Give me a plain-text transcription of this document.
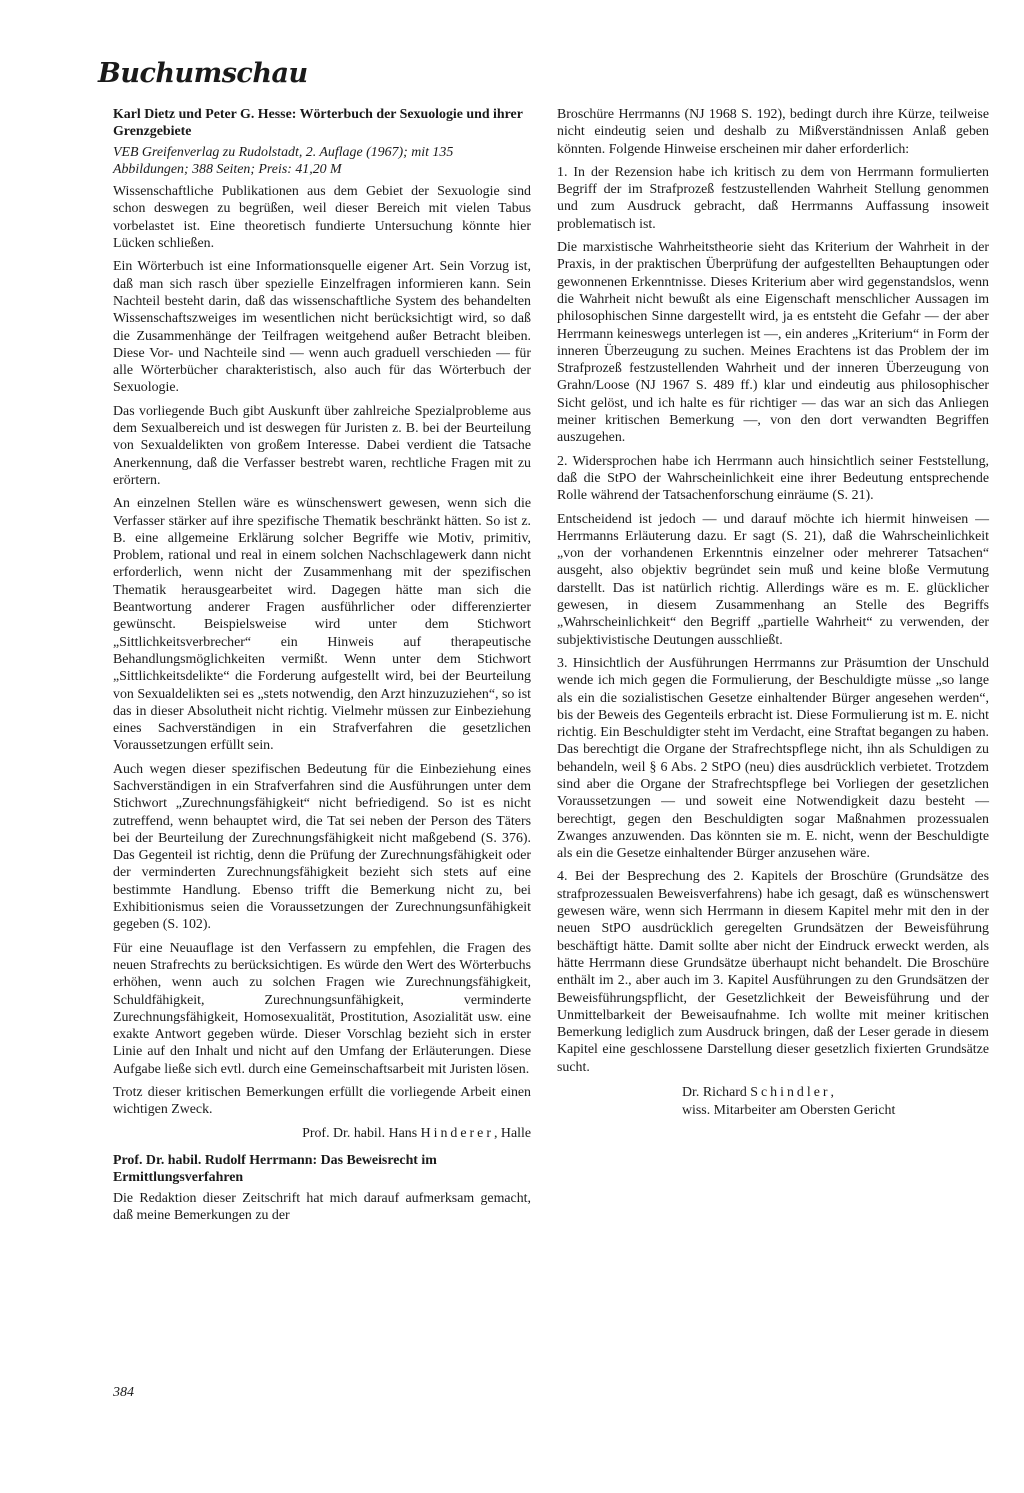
Buchumschau

Karl Dietz und Peter G. Hesse: Wörterbuch der Sexuologie und ihrer Grenzgebiete

VEB Greifenverlag zu Rudolstadt, 2. Auflage (1967); mit 135 Abbildungen; 388 Seiten; Preis: 41,20 M

Wissenschaftliche Publikationen aus dem Gebiet der Sexuologie sind schon deswegen zu begrüßen, weil dieser Bereich mit vielen Tabus vorbelastet ist. Eine theoretisch fundierte Untersuchung könnte hier Lücken schließen.

Ein Wörterbuch ist eine Informationsquelle eigener Art. Sein Vorzug ist, daß man sich rasch über spezielle Einzelfragen informieren kann. Sein Nachteil besteht darin, daß das wissenschaftliche System des behandelten Wissenschaftszweiges im wesentlichen nicht berücksichtigt wird, so daß die Zusammenhänge der Teilfragen weitgehend außer Betracht bleiben. Diese Vor- und Nachteile sind — wenn auch graduell verschieden — für alle Wörterbücher charakteristisch, also auch für das Wörterbuch der Sexuologie.

Das vorliegende Buch gibt Auskunft über zahlreiche Spezialprobleme aus dem Sexualbereich und ist deswegen für Juristen z. B. bei der Beurteilung von Sexualdelikten von großem Interesse. Dabei verdient die Tatsache Anerkennung, daß die Verfasser bestrebt waren, rechtliche Fragen mit zu erörtern.

An einzelnen Stellen wäre es wünschenswert gewesen, wenn sich die Verfasser stärker auf ihre spezifische Thematik beschränkt hätten. So ist z. B. eine allgemeine Erklärung solcher Begriffe wie Motiv, primitiv, Problem, rational und real in einem solchen Nachschlagewerk dann nicht erforderlich, wenn nicht der Zusammenhang mit der spezifischen Thematik herausgearbeitet wird. Dagegen hätte man sich die Beantwortung anderer Fragen ausführlicher oder differenzierter gewünscht. Beispielsweise wird unter dem Stichwort „Sittlichkeitsverbrecher“ ein Hinweis auf therapeutische Behandlungsmöglichkeiten vermißt. Wenn unter dem Stichwort „Sittlichkeitsdelikte“ die Forderung aufgestellt wird, bei der Beurteilung von Sexualdelikten sei es „stets notwendig, den Arzt hinzuzuziehen“, so ist das in dieser Absolutheit nicht richtig. Vielmehr müssen zur Einbeziehung eines Sachverständigen in ein Strafverfahren die gesetzlichen Voraussetzungen erfüllt sein.

Auch wegen dieser spezifischen Bedeutung für die Einbeziehung eines Sachverständigen in ein Strafverfahren sind die Ausführungen unter dem Stichwort „Zurechnungsfähigkeit“ nicht befriedigend. So ist es nicht zutreffend, wenn behauptet wird, die Tat sei neben der Person des Täters bei der Beurteilung der Zurechnungsfähigkeit nicht maßgebend (S. 376). Das Gegenteil ist richtig, denn die Prüfung der Zurechnungsfähigkeit oder der verminderten Zurechnungsfähigkeit bezieht sich stets auf eine bestimmte Handlung. Ebenso trifft die Bemerkung nicht zu, bei Exhibitionismus seien die Voraussetzungen der Zurechnungsunfähigkeit gegeben (S. 102).

Für eine Neuauflage ist den Verfassern zu empfehlen, die Fragen des neuen Strafrechts zu berücksichtigen. Es würde den Wert des Wörterbuchs erhöhen, wenn auch zu solchen Fragen wie Zurechnungsfähigkeit, Schuldfähigkeit, Zurechnungsunfähigkeit, verminderte Zurechnungsfähigkeit, Homosexualität, Prostitution, Asozialität usw. eine exakte Antwort gegeben würde. Dieser Vorschlag bezieht sich in erster Linie auf den Inhalt und nicht auf den Umfang der Erläuterungen. Diese Aufgabe ließe sich evtl. durch eine Gemeinschaftsarbeit mit Juristen lösen.

Trotz dieser kritischen Bemerkungen erfüllt die vorliegende Arbeit einen wichtigen Zweck.

Prof. Dr. habil. Hans Hinderer, Halle

Prof. Dr. habil. Rudolf Herrmann: Das Beweisrecht im Ermittlungsverfahren

Die Redaktion dieser Zeitschrift hat mich darauf aufmerksam gemacht, daß meine Bemerkungen zu der

Broschüre Herrmanns (NJ 1968 S. 192), bedingt durch ihre Kürze, teilweise nicht eindeutig seien und deshalb zu Mißverständnissen Anlaß geben könnten. Folgende Hinweise erscheinen mir daher erforderlich:

1. In der Rezension habe ich kritisch zu dem von Herrmann formulierten Begriff der im Strafprozeß festzustellenden Wahrheit Stellung genommen und zum Ausdruck gebracht, daß Herrmanns Auffassung insoweit problematisch ist.

Die marxistische Wahrheitstheorie sieht das Kriterium der Wahrheit in der Praxis, in der praktischen Überprüfung der aufgestellten Behauptungen oder gewonnenen Erkenntnisse. Dieses Kriterium aber wird gegenstandslos, wenn die Wahrheit nicht bewußt als eine Eigenschaft menschlicher Aussagen im philosophischen Sinne dargestellt wird, ja es entsteht die Gefahr — der aber Herrmann keineswegs unterlegen ist —, ein anderes „Kriterium“ in Form der inneren Überzeugung zu suchen. Meines Erachtens ist das Problem der im Strafprozeß festzustellenden Wahrheit und der inneren Überzeugung von Grahn/Loose (NJ 1967 S. 489 ff.) klar und eindeutig aus philosophischer Sicht gelöst, und ich halte es für richtiger — das war an sich das Anliegen meiner kritischen Bemerkung —, von den dort verwandten Begriffen auszugehen.

2. Widersprochen habe ich Herrmann auch hinsichtlich seiner Feststellung, daß die StPO der Wahrscheinlichkeit eine ihrer Bedeutung entsprechende Rolle während der Tatsachenforschung einräume (S. 21).

Entscheidend ist jedoch — und darauf möchte ich hiermit hinweisen — Herrmanns Erläuterung dazu. Er sagt (S. 21), daß die Wahrscheinlichkeit „von der vorhandenen Erkenntnis einzelner oder mehrerer Tatsachen“ ausgeht, also objektiv begründet sein muß und keine bloße Vermutung darstellt. Das ist natürlich richtig. Allerdings wäre es m. E. glücklicher gewesen, in diesem Zusammenhang an Stelle des Begriffs „Wahrscheinlichkeit“ den Begriff „partielle Wahrheit“ zu verwenden, der subjektivistische Deutungen ausschließt.

3. Hinsichtlich der Ausführungen Herrmanns zur Präsumtion der Unschuld wende ich mich gegen die Formulierung, der Beschuldigte müsse „so lange als ein die sozialistischen Gesetze einhaltender Bürger angesehen werden“, bis der Beweis des Gegenteils erbracht ist. Diese Formulierung ist m. E. nicht richtig. Ein Beschuldigter steht im Verdacht, eine Straftat begangen zu haben. Das berechtigt die Organe der Strafrechtspflege nicht, ihn als Schuldigen zu behandeln, weil § 6 Abs. 2 StPO (neu) dies ausdrücklich verbietet. Trotzdem sind aber die Organe der Strafrechtspflege bei Vorliegen der gesetzlichen Voraussetzungen — und soweit eine Notwendigkeit dazu besteht — berechtigt, gegen den Beschuldigten sogar Maßnahmen prozessualen Zwanges anzuwenden. Das könnten sie m. E. nicht, wenn der Beschuldigte als ein die Gesetze einhaltender Bürger anzusehen wäre.

4. Bei der Besprechung des 2. Kapitels der Broschüre (Grundsätze des strafprozessualen Beweisverfahrens) habe ich gesagt, daß es wünschenswert gewesen wäre, wenn sich Herrmann in diesem Kapitel mehr mit den in der neuen StPO ausdrücklich geregelten Grundsätzen der Beweisführung beschäftigt hätte. Damit sollte aber nicht der Eindruck erweckt werden, als hätte Herrmann diese Grundsätze überhaupt nicht behandelt. Die Broschüre enthält im 2., aber auch im 3. Kapitel Ausführungen zu den Grundsätzen der Beweisführungspflicht, der Gesetzlichkeit der Beweisführung und der Unmittelbarkeit der Beweisaufnahme. Ich wollte mit meiner kritischen Bemerkung lediglich zum Ausdruck bringen, daß der Leser gerade in diesem Kapitel eine geschlossene Darstellung dieser gesetzlich fixierten Grundsätze sucht.

Dr. Richard Schindler,
wiss. Mitarbeiter am Obersten Gericht
384
